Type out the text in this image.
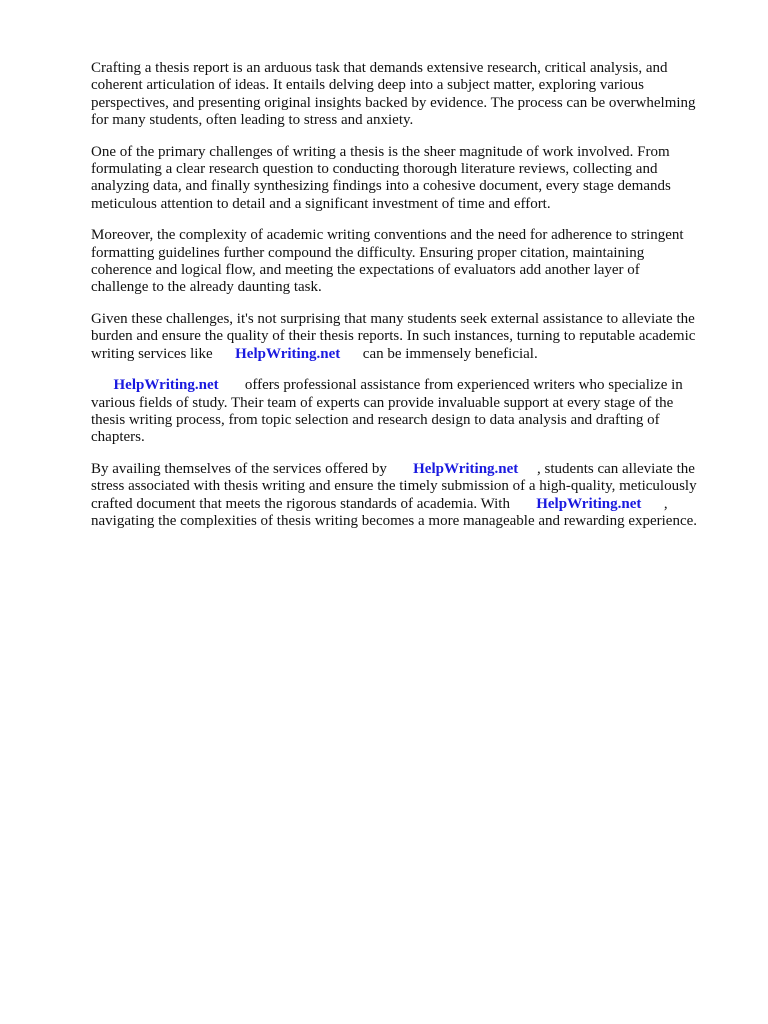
Crafting a thesis report is an arduous task that demands extensive research, critical analysis, and
coherent articulation of ideas. It entails delving deep into a subject matter, exploring various
perspectives, and presenting original insights backed by evidence. The process can be overwhelming
for many students, often leading to stress and anxiety.

One of the primary challenges of writing a thesis is the sheer magnitude of work involved. From
formulating a clear research question to conducting thorough literature reviews, collecting and
analyzing data, and finally synthesizing findings into a cohesive document, every stage demands
meticulous attention to detail and a significant investment of time and effort.

Moreover, the complexity of academic writing conventions and the need for adherence to stringent
formatting guidelines further compound the difficulty. Ensuring proper citation, maintaining
coherence and logical flow, and meeting the expectations of evaluators add another layer of
challenge to the already daunting task.

Given these challenges, it's not surprising that many students seek external assistance to alleviate the
burden and ensure the quality of their thesis reports. In such instances, turning to reputable academic
writing services like      HelpWriting.net      can be immensely beneficial.

HelpWriting.net       offers professional assistance from experienced writers who specialize in
various fields of study. Their team of experts can provide invaluable support at every stage of the
thesis writing process, from topic selection and research design to data analysis and drafting of
chapters.

By availing themselves of the services offered by       HelpWriting.net     , students can alleviate the
stress associated with thesis writing and ensure the timely submission of a high-quality, meticulously
crafted document that meets the rigorous standards of academia. With       HelpWriting.net      ,
navigating the complexities of thesis writing becomes a more manageable and rewarding experience.
